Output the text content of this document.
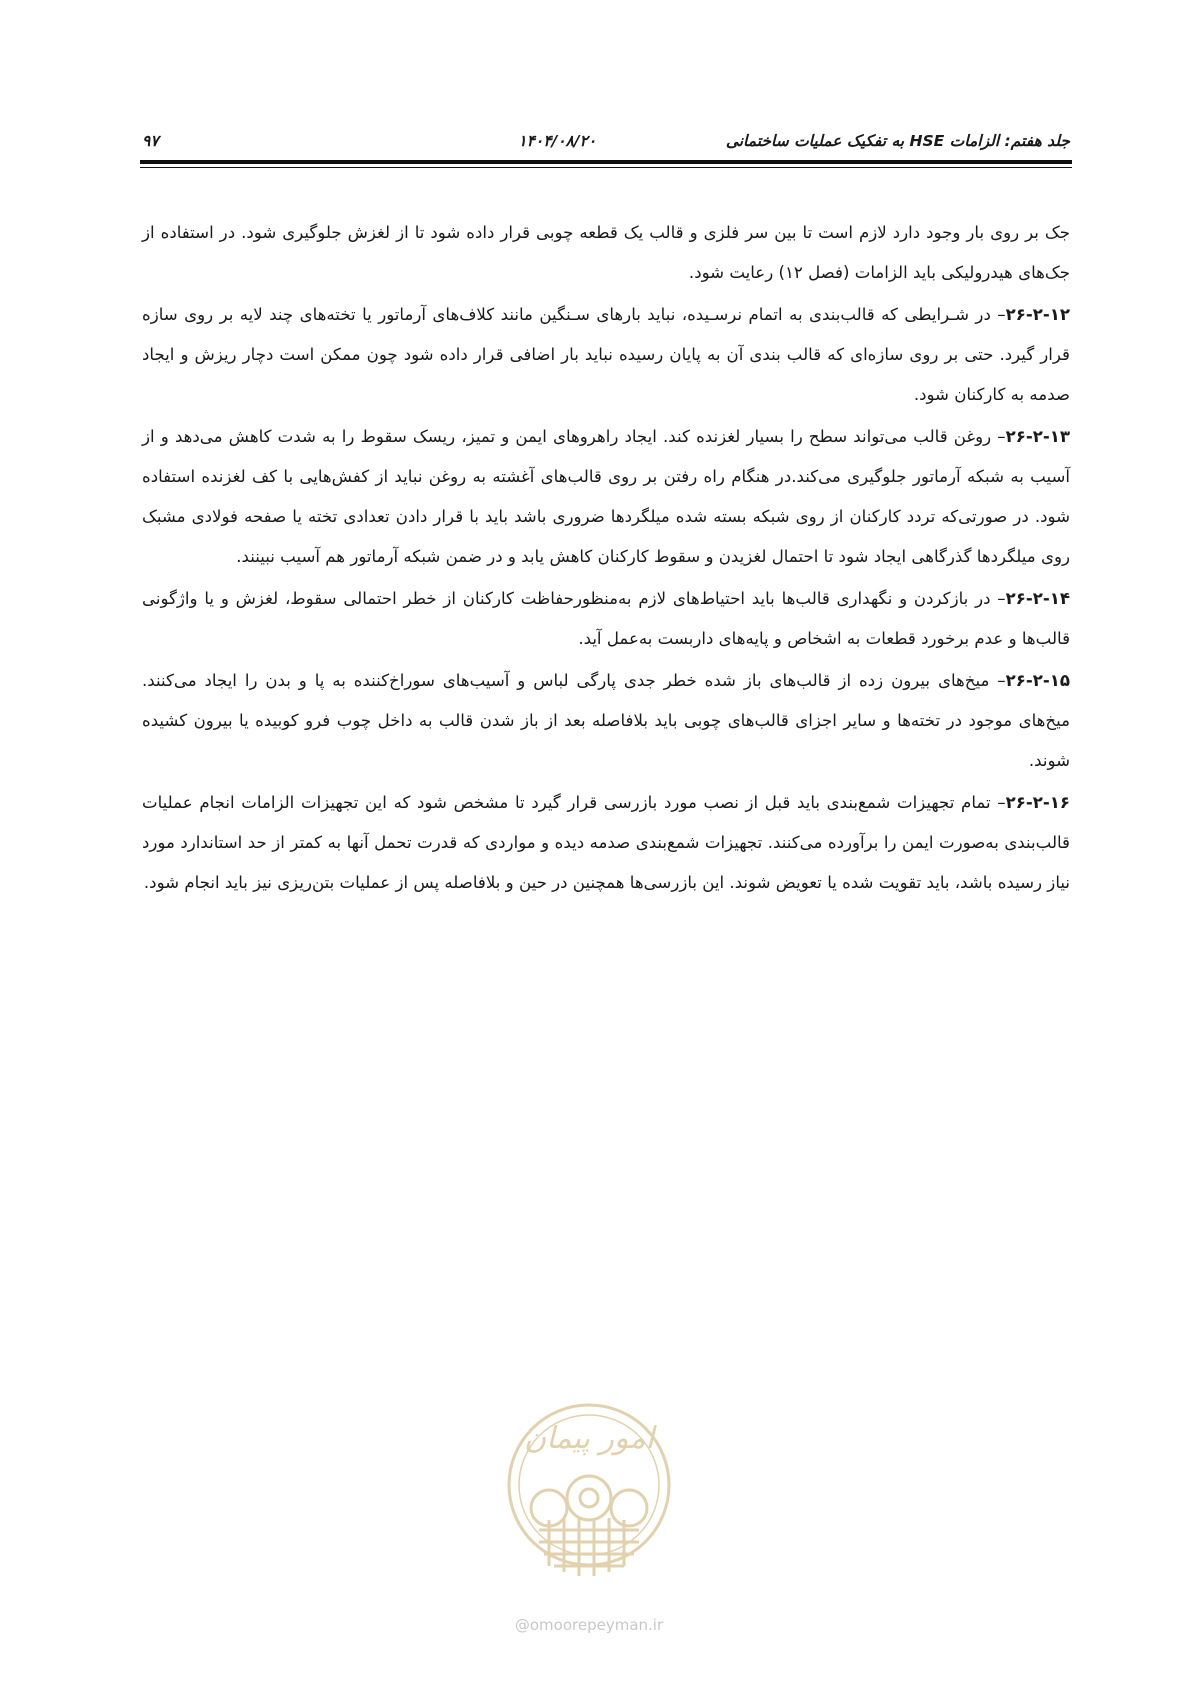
۹۷	۱۴۰۴/۰۸/۲۰	جلد هفتم: الزامات HSE به تفکیک عملیات ساختمانی

جک بر روی بار وجود دارد لازم است تا بین سر فلزی و قالب یک قطعه چوبی قرار داده شود تا از لغزش جلوگیری شود. در استفاده از جک‌های هیدرولیکی باید الزامات (فصل ۱۲) رعایت شود.

۲۶-۲-۱۲– در شـرایطی که قالب‌بندی به اتمام نرسـیده، نباید بارهای سـنگین مانند کلاف‌های آرماتور یا تخته‌های چند لایه بر روی سازه قرار گیرد. حتی بر روی سازه‌ای که قالب بندی آن به پایان رسیده نباید بار اضافی قرار داده شود چون ممکن است دچار ریزش و ایجاد صدمه به کارکنان شود.

۲۶-۲-۱۳– روغن قالب می‌تواند سطح را بسیار لغزنده کند. ایجاد راهروهای ایمن و تمیز، ریسک سقوط را به شدت کاهش می‌دهد و از آسیب به شبکه آرماتور جلوگیری می‌کند.در هنگام راه رفتن بر روی قالب‌های آغشته به روغن نباید از کفش‌هایی با کف لغزنده استفاده شود. در صورتی‌که تردد کارکنان از روی شبکه بسته شده میلگردها ضروری باشد باید با قرار دادن تعدادی تخته یا صفحه فولادی مشبک روی میلگردها گذرگاهی ایجاد شود تا احتمال لغزیدن و سقوط کارکنان کاهش یابد و در ضمن شبکه آرماتور هم آسیب نبینند.

۲۶-۲-۱۴– در بازکردن و نگهداری قالب‌ها باید احتیاط‌های لازم به‌منظورحفاظت کارکنان از خطر احتمالی سقوط، لغزش و یا واژگونی قالب‌ها و عدم برخورد قطعات به اشخاص و پایه‌های داربست به‌عمل آید.

۲۶-۲-۱۵– میخ‌های بیرون زده از قالب‌های باز شده خطر جدی پارگی لباس و آسیب‌های سوراخ‌کننده به پا و بدن را ایجاد می‌کنند. میخ‌های موجود در تخته‌ها و سایر اجزای قالب‌های چوبی باید بلافاصله بعد از باز شدن قالب به داخل چوب فرو کوبیده یا بیرون کشیده شوند.

۲۶-۲-۱۶– تمام تجهیزات شمع‌بندی باید قبل از نصب مورد بازرسی قرار گیرد تا مشخص شود که این تجهیزات الزامات انجام عملیات قالب‌بندی به‌صورت ایمن را برآورده می‌کنند. تجهیزات شمع‌بندی صدمه دیده و مواردی که قدرت تحمل آنها به کمتر از حد استاندارد مورد نیاز رسیده باشد، باید تقویت شده یا تعویض شوند. این بازرسی‌ها همچنین در حین و بلافاصله پس از عملیات بتن‌ریزی نیز باید انجام شود.

امور پیمان
@omoorepeyman.ir
